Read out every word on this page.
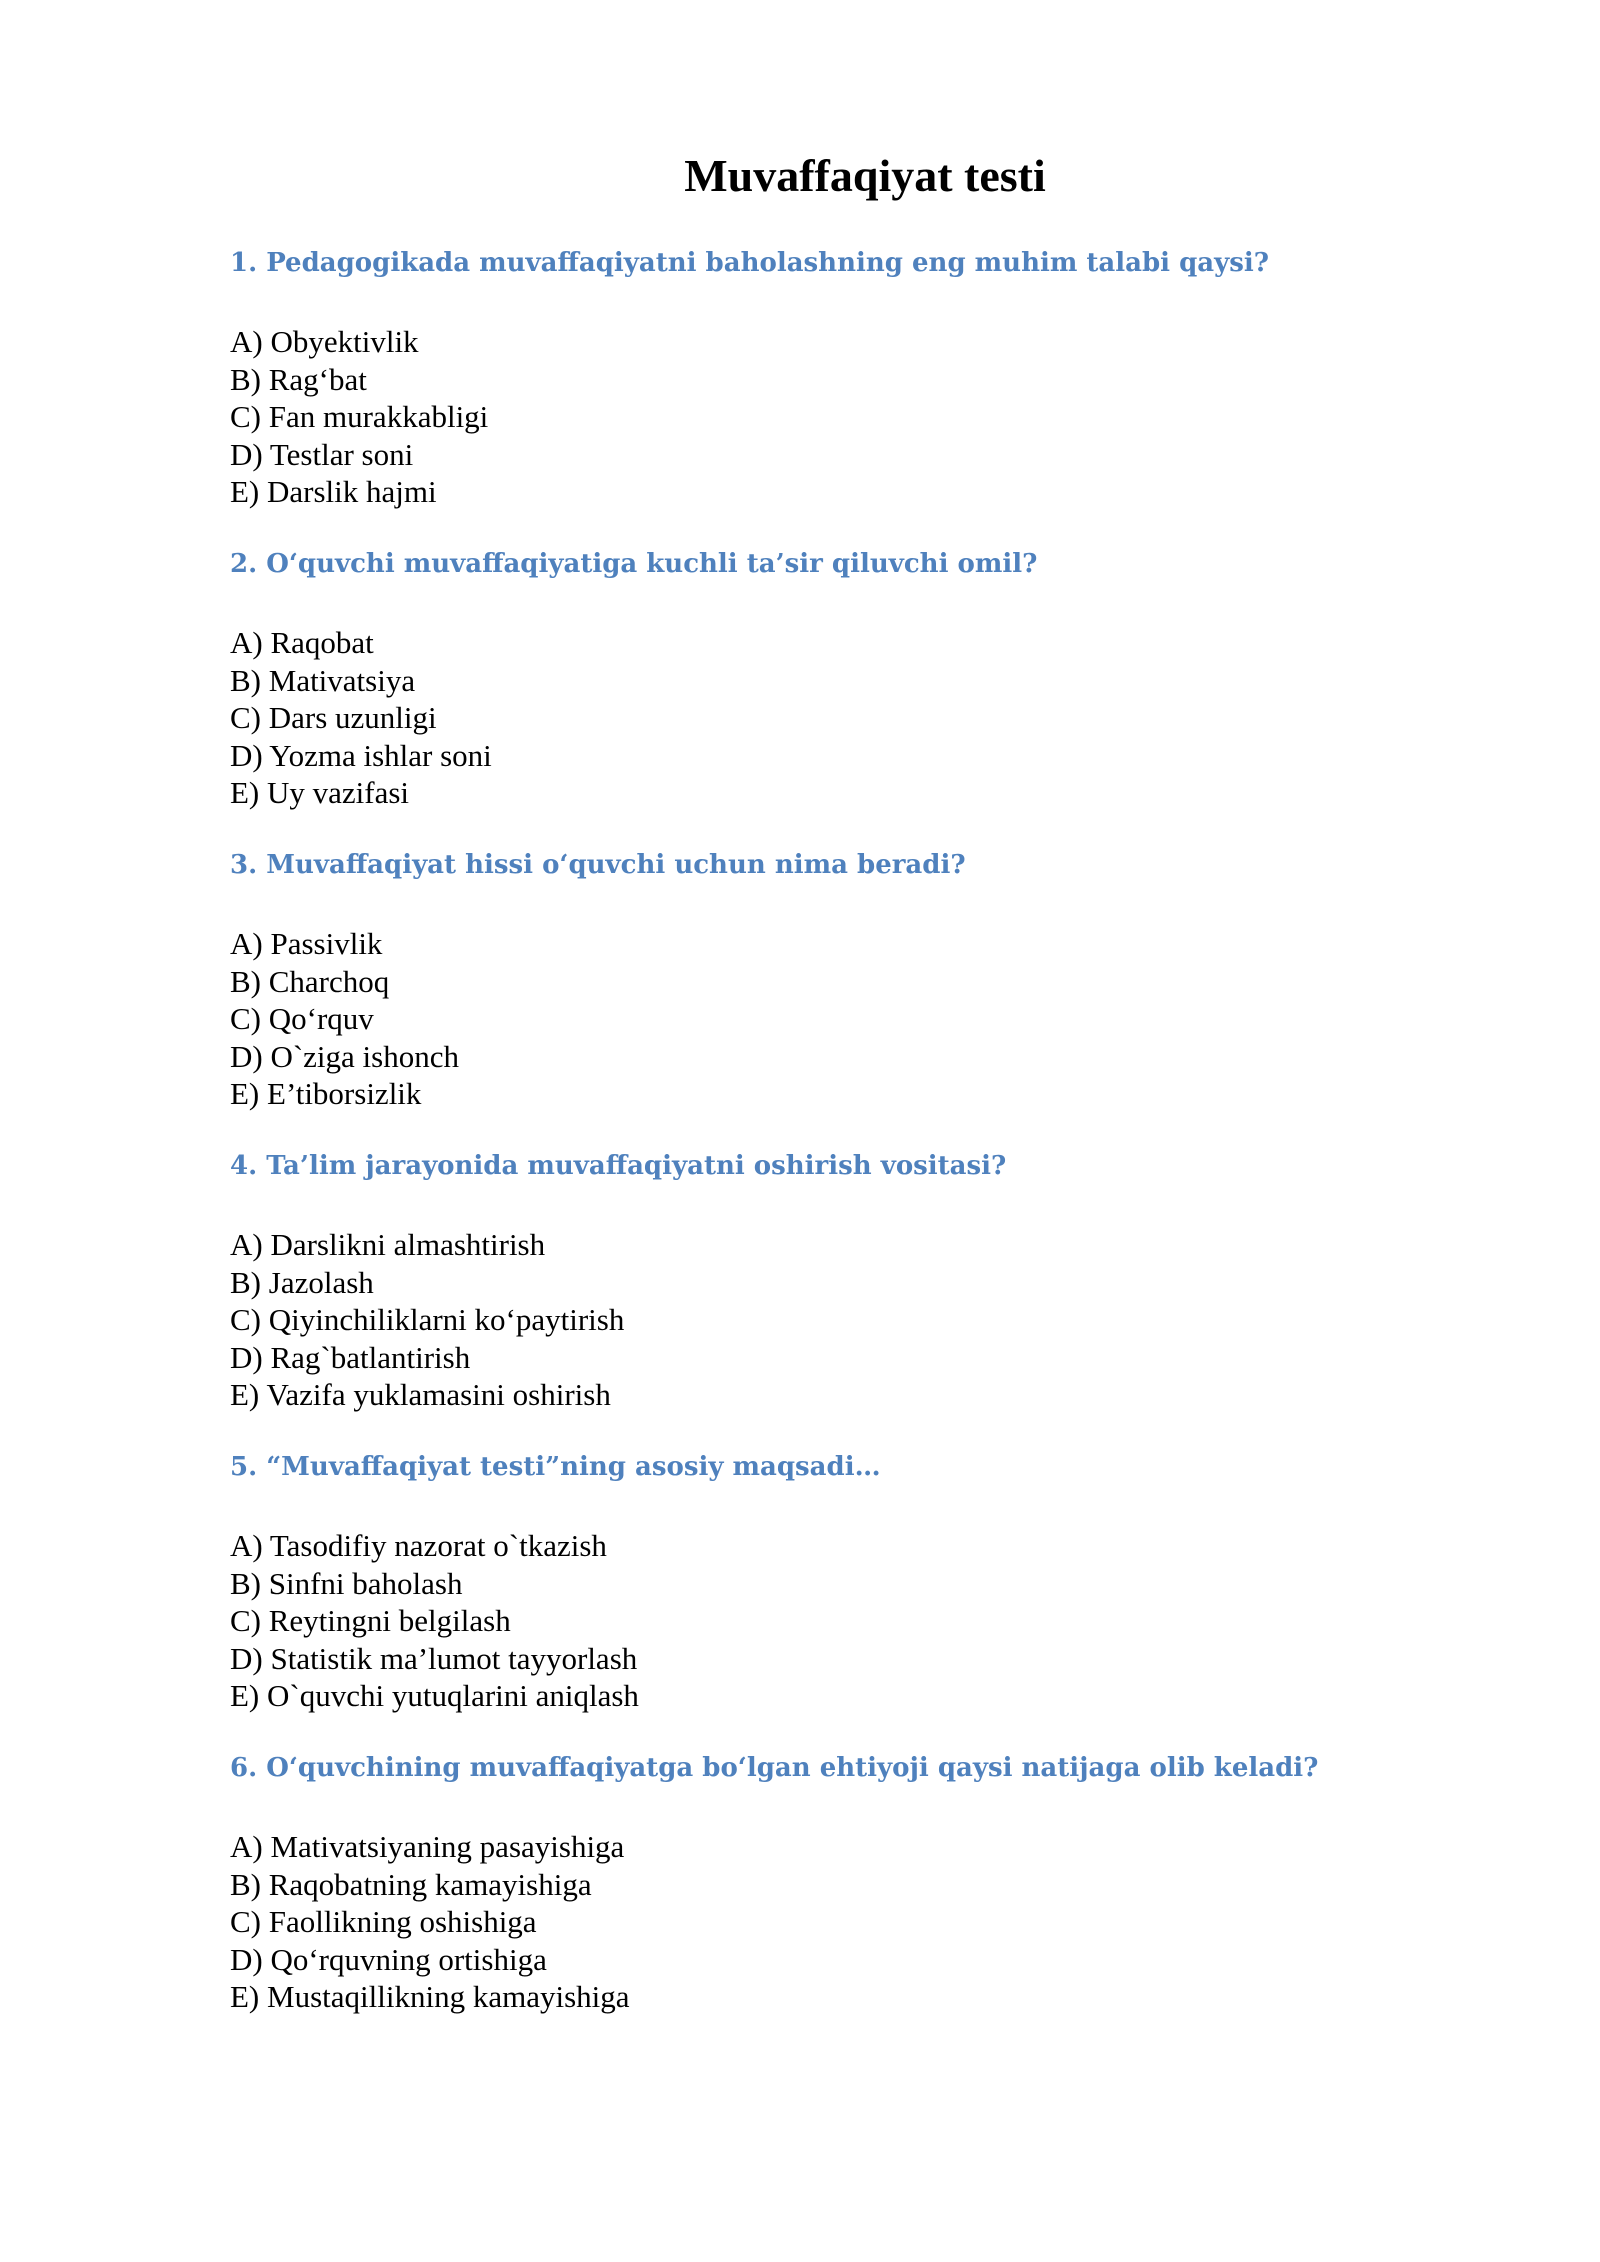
Muvaffaqiyat testi

1. Pedagogikada muvaffaqiyatni baholashning eng muhim talabi qaysi?

A) Obyektivlik
B) Rag‘bat
C) Fan murakkabligi
D) Testlar soni
E) Darslik hajmi

2. O‘quvchi muvaffaqiyatiga kuchli ta’sir qiluvchi omil?

A) Raqobat
B) Mativatsiya
C) Dars uzunligi
D) Yozma ishlar soni
E) Uy vazifasi

3. Muvaffaqiyat hissi o‘quvchi uchun nima beradi?

A) Passivlik
B) Charchoq
C) Qo‘rquv
D) O`ziga ishonch
E) E’tiborsizlik

4. Ta’lim jarayonida muvaffaqiyatni oshirish vositasi?

A) Darslikni almashtirish
B) Jazolash
C) Qiyinchiliklarni ko‘paytirish
D) Rag`batlantirish
E) Vazifa yuklamasini oshirish

5. “Muvaffaqiyat testi”ning asosiy maqsadi…

A) Tasodifiy nazorat o`tkazish
B) Sinfni baholash
C) Reytingni belgilash
D) Statistik ma’lumot tayyorlash
E) O`quvchi yutuqlarini aniqlash

6. O‘quvchining muvaffaqiyatga bo‘lgan ehtiyoji qaysi natijaga olib keladi?

A) Mativatsiyaning pasayishiga
B) Raqobatning kamayishiga
C) Faollikning oshishiga
D) Qo‘rquvning ortishiga
E) Mustaqillikning kamayishiga
